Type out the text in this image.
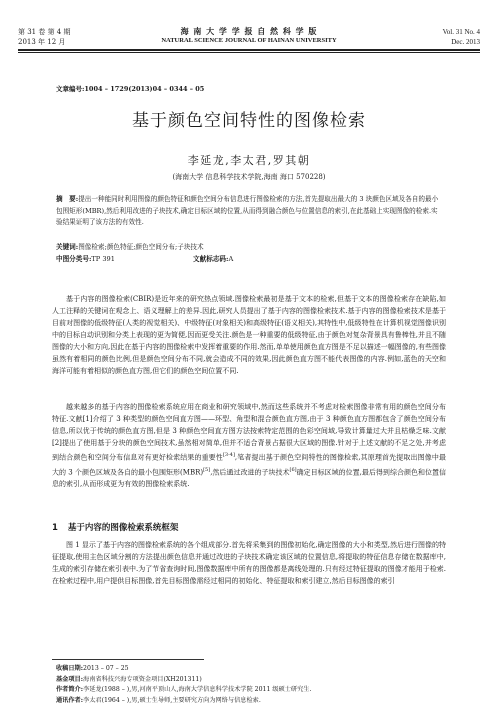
第 31 卷 第 4 期
2013 年 12 月
海 南 大 学 学 报 自 然 科 学 版
NATURAL SCIENCE JOURNAL OF HAINAN UNIVERSITY
Vol. 31 No. 4
Dec. 2013
文章编号:1004 – 1729(2013)04 – 0344 – 05
基于颜色空间特性的图像检索
李延龙,李太君,罗其朝
(海南大学 信息科学技术学院,海南 海口 570228)
摘　要:提出一种能同时利用图像的颜色特征和颜色空间分布信息进行图像检索的方法,首先提取出最大的 3 块颜色区域及各自的最小包围矩形(MBR),然后利用改进的子块技术,确定目标区域的位置,从而得到融合颜色与位置信息的索引,在此基础上实现图像的检索.实验结果证明了该方法的有效性.
关键词:图像检索;颜色特征;颜色空间分布;子块技术
中图分类号:TP 391	文献标志码:A
基于内容的图像检索(CBIR)是近年来的研究热点领域.图像检索最初是基于文本的检索,但基于文本的图像检索存在缺陷,如人工注释的关键词在观念上、语义理解上的差异.因此,研究人员提出了基于内容的图像检索技术.基于内容的图像检索技术是基于目前对图像的低级特征(人类的视觉相关)、中级特征(对象相关)和高级特征(语义相关),其特性中,低级特性在计算机视觉图像识别中的目标自动识别和分类上表现的更为简便,因而更受关注.颜色是一种重要的低级特征,由于颜色对复杂背景具有鲁棒性,并且不随图像的大小和方向,因此在基于内容的图像检索中发挥着重要的作用.然而,单单使用颜色直方图是不足以描述一幅图像的,有些图像虽然有着相同的颜色比例,但是颜色空间分布不同,就会造成不同的效果,因此颜色直方图不能代表图像的内容.例如,蓝色的天空和海洋可能有着相似的颜色直方图,但它们的颜色空间位置不同.
越来越多的基于内容的图像检索系统应用在商业和研究领域中,然而这些系统并不考虑对检索图像非常有用的颜色空间分布特征.文献[1]介绍了 3 种类型的颜色空间直方图——环型、角型和混合颜色直方图,由于 3 种颜色直方图都包含了颜色空间分布信息,所以优于传统的颜色直方图,但是 3 种颜色空间直方图方法按索特定范围的色彩空间域,导致计算量过大并且枯燥乏味.文献[2]提出了使用基于分块的颜色空间技术,虽然相对简单,但并不适合背景占据很大区域的图像.针对于上述文献的不足之处,并考虑到结合颜色和空间分布信息对有更好检索结果的重要性[3-4],笔者提出基于颜色空间特性的图像检索,其原理首先提取出图像中最大的 3 个颜色区域及各自的最小包围矩形(MBR)[5],然后通过改进的子块技术[6]确定目标区域的位置,最后得到综合颜色和位置信息的索引,从而形成更为有效的图像检索系统.
1 基于内容的图像检索系统框架
图 1 显示了基于内容的图像检索系统的各个组成部分.首先将采集到的图像初始化,确定图像的大小和类型,然后进行图像的特征提取,使用主色区域分割的方法提出颜色信息并通过改进的子块技术确定该区域的位置信息,将提取的特征信息存储在数据库中,生成的索引存储在索引表中.为了节省查询时间,图像数据库中所有的图像都是离线处理的.只有经过特征提取的图像才能用于检索.在检索过程中,用户提供目标图像,首先目标图像需经过相同的初始化、特征提取和索引建立,然后目标图像的索引
收稿日期:2013 – 07 – 25
基金项目:海南省科技兴海专项资金项目(XH201311)
作者简介:李延龙(1988 – ),男,河南平顶山人,海南大学信息科学技术学院 2011 级硕士研究生.
通讯作者:李太君(1964 – ),男,硕士生导师,主要研究方向为网络与信息检索.
